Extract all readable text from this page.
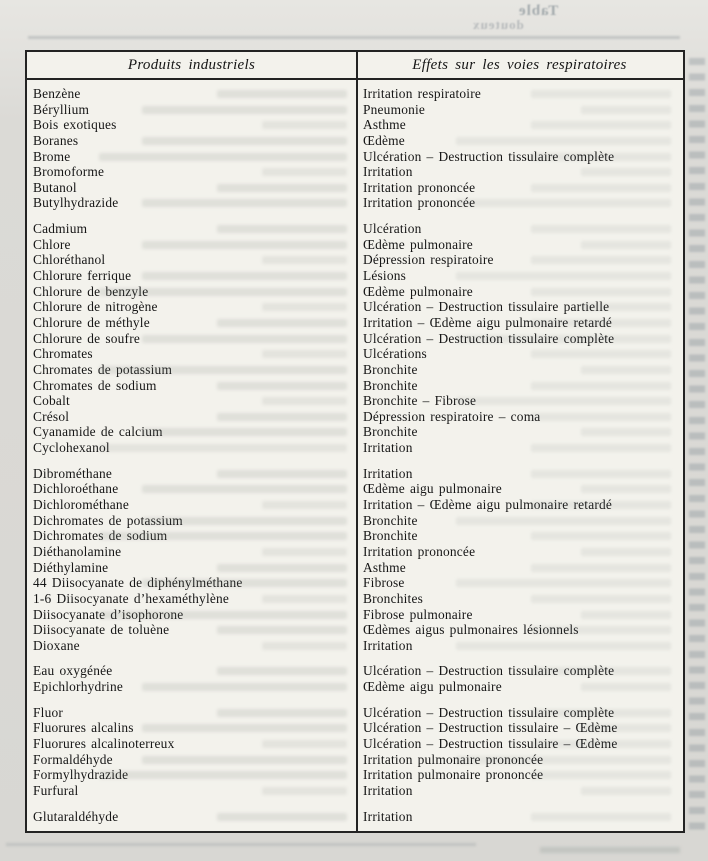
Table
douteux
Produits industriels	Effets sur les voies respiratoires
Benzène	Irritation respiratoire
Béryllium	Pneumonie
Bois exotiques	Asthme
Boranes	Œdème
Brome	Ulcération – Destruction tissulaire complète
Bromoforme	Irritation
Butanol	Irritation prononcée
Butylhydrazide	Irritation prononcée
Cadmium	Ulcération
Chlore	Œdème pulmonaire
Chloréthanol	Dépression respiratoire
Chlorure ferrique	Lésions
Chlorure de benzyle	Œdème pulmonaire
Chlorure de nitrogène	Ulcération – Destruction tissulaire partielle
Chlorure de méthyle	Irritation – Œdème aigu pulmonaire retardé
Chlorure de soufre	Ulcération – Destruction tissulaire complète
Chromates	Ulcérations
Chromates de potassium	Bronchite
Chromates de sodium	Bronchite
Cobalt	Bronchite – Fibrose
Crésol	Dépression respiratoire – coma
Cyanamide de calcium	Bronchite
Cyclohexanol	Irritation
Dibrométhane	Irritation
Dichloroéthane	Œdème aigu pulmonaire
Dichlorométhane	Irritation – Œdème aigu pulmonaire retardé
Dichromates de potassium	Bronchite
Dichromates de sodium	Bronchite
Diéthanolamine	Irritation prononcée
Diéthylamine	Asthme
44 Diisocyanate de diphénylméthane	Fibrose
1-6 Diisocyanate d’hexaméthylène	Bronchites
Diisocyanate d’isophorone	Fibrose pulmonaire
Diisocyanate de toluène	Œdèmes aigus pulmonaires lésionnels
Dioxane	Irritation
Eau oxygénée	Ulcération – Destruction tissulaire complète
Epichlorhydrine	Œdème aigu pulmonaire
Fluor	Ulcération – Destruction tissulaire complète
Fluorures alcalins	Ulcération – Destruction tissulaire – Œdème
Fluorures alcalinoterreux	Ulcération – Destruction tissulaire – Œdème
Formaldéhyde	Irritation pulmonaire prononcée
Formylhydrazide	Irritation pulmonaire prononcée
Furfural	Irritation
Glutaraldéhyde	Irritation
